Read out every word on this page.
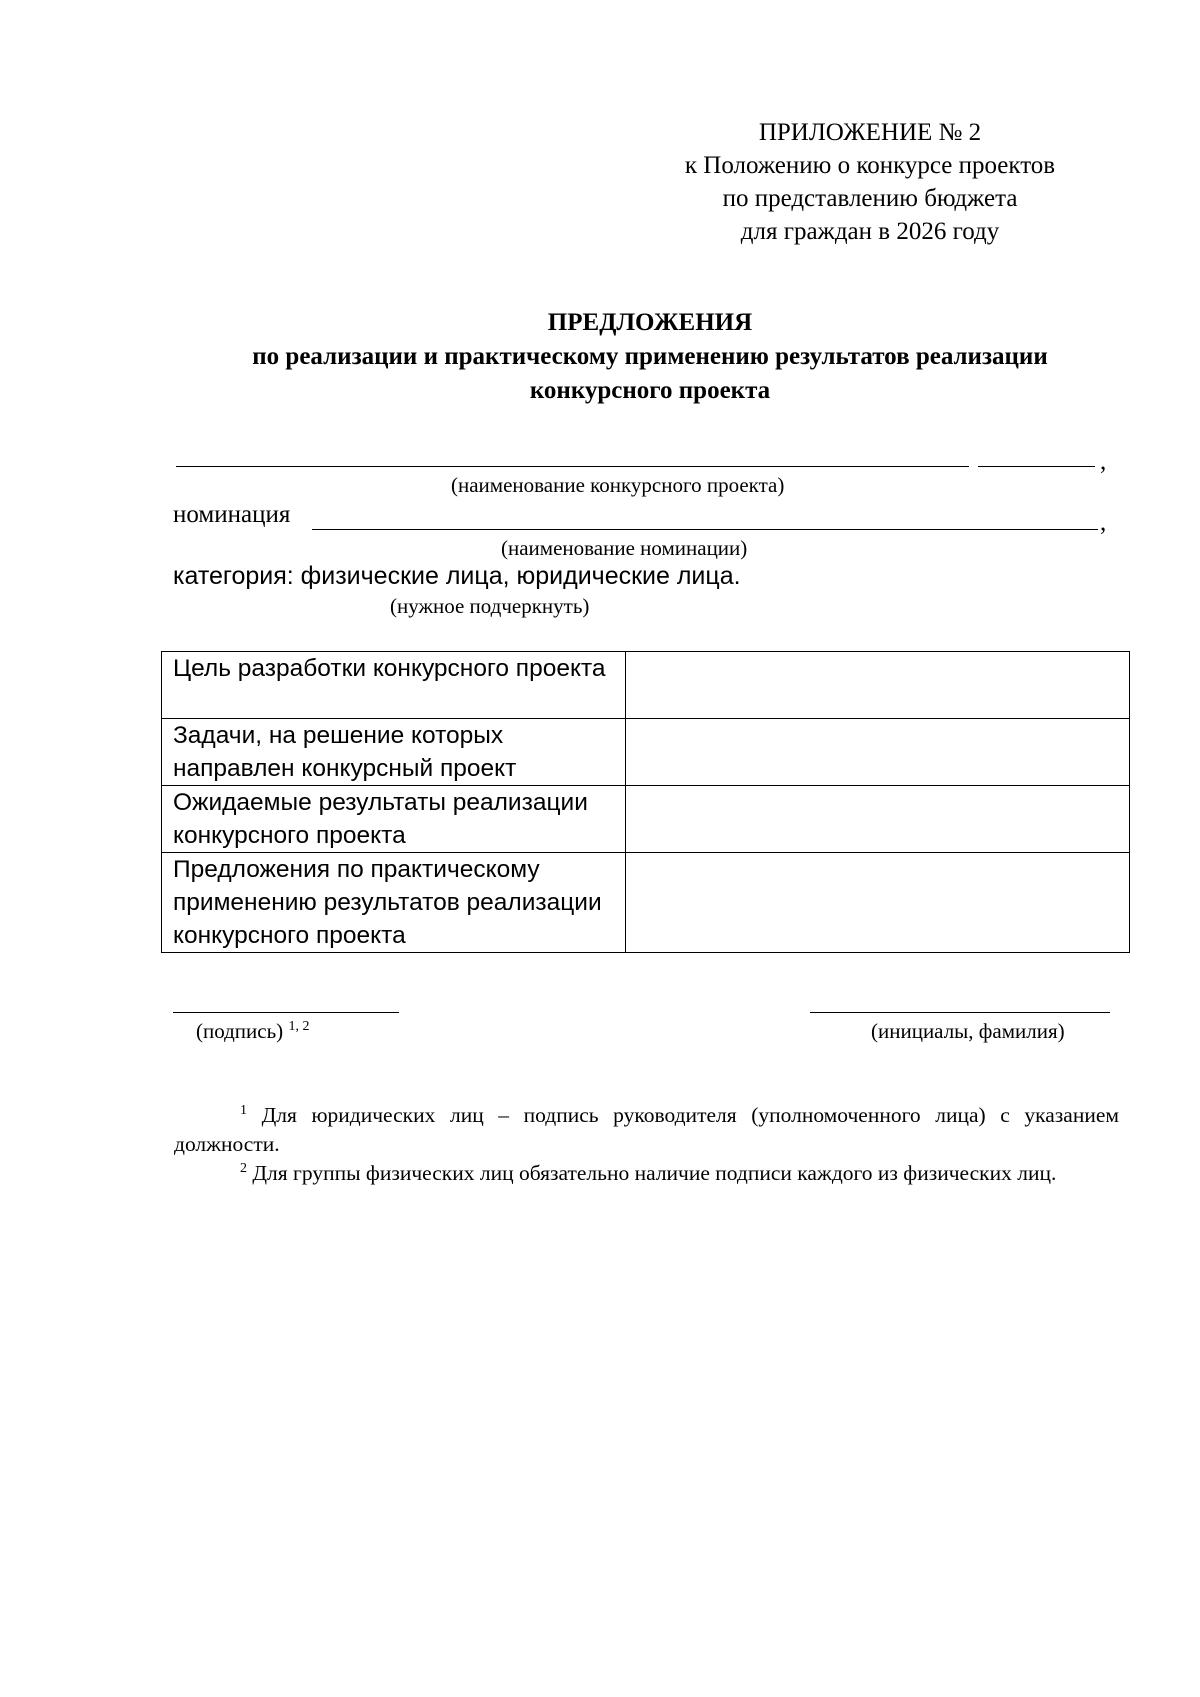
ПРИЛОЖЕНИЕ № 2
к Положению о конкурсе проектов
по представлению бюджета
для граждан в 2026 году
ПРЕДЛОЖЕНИЯ
по реализации и практическому применению результатов реализации
конкурсного проекта
,
(наименование конкурсного проекта)
номинация	,
(наименование номинации)
категория: физические лица, юридические лица.
(нужное подчеркнуть)
Цель разработки конкурсного проекта	
Задачи, на решение которых направлен конкурсный проект	
Ожидаемые результаты реализации конкурсного проекта	
Предложения по практическому применению результатов реализации конкурсного проекта	
(подпись) $^{1, 2}$	(инициалы, фамилия)
$^1$ Для юридических лиц – подпись руководителя (уполномоченного лица) с указанием должности.
$^2$ Для группы физических лиц обязательно наличие подписи каждого из физических лиц.
